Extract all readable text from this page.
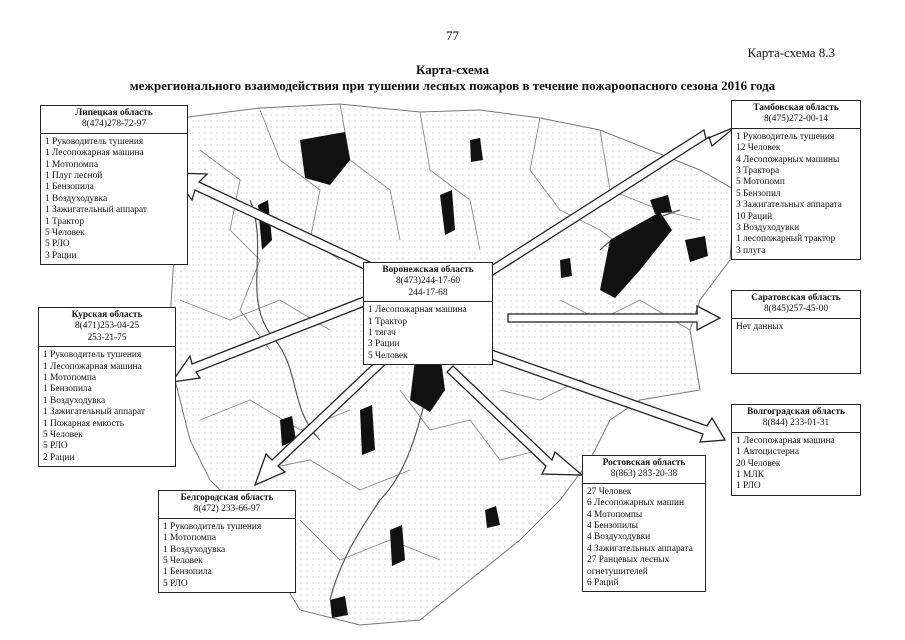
77
Карта-схема 8.3
Карта-схема
межрегионального взаимодействия при тушении лесных пожаров в течение пожароопасного сезона 2016 года
Липецкая область
8(474)278-72-97
1 Руководитель тушения
1 Лесопожарная машина
1 Мотопомпа
1 Плуг лесной
1 Бензопила
1 Воздуходувка
1 Зажигательный аппарат
1 Трактор
5 Человек
5 РЛО
3 Рации
Курская область
8(471)253-04-25
253-21-75
1 Руководитель тушения
1 Лесопожарная машина
1 Мотопомпа
1 Бензопила
1 Воздуходувка
1 Зажигательный аппарат
1 Пожарная емкость
5 Человек
5 РЛО
2 Рации
Белгородская область
8(472) 233-66-97
1 Руководитель тушения
1 Мотопомпа
1 Воздуходувка
5 Человек
1 Бензопила
5 РЛО
Воронежская область
8(473)244-17-60
244-17-68
1 Лесопожарная машина
1 Трактор
1 тягач
3 Рации
5 Человек
Тамбовская область
8(475)272-00-14
1 Руководитель тушения
12 Человек
4 Лесопожарных машины
3 Трактора
5 Мотопомп
5 Бензопил
3 Зажигательных аппарата
10 Раций
3 Воздуходувки
1 лесопожарный трактор
3 плуга
Саратовская область
8(845)257-45-00
Нет данных
Волгоградская область
8(844) 233-01-31
1 Лесопожарная машина
1 Автоцистерна
20 Человек
1 МЛК
1 РЛО
Ростовская область
8(863) 283-20-38
27 Человек
6 Лесопожарных машин
4 Мотопомпы
4 Бензопилы
4 Воздуходувки
4 Зажигательных аппарата
27 Ранцевых лесных огнетушителей
6 Раций
